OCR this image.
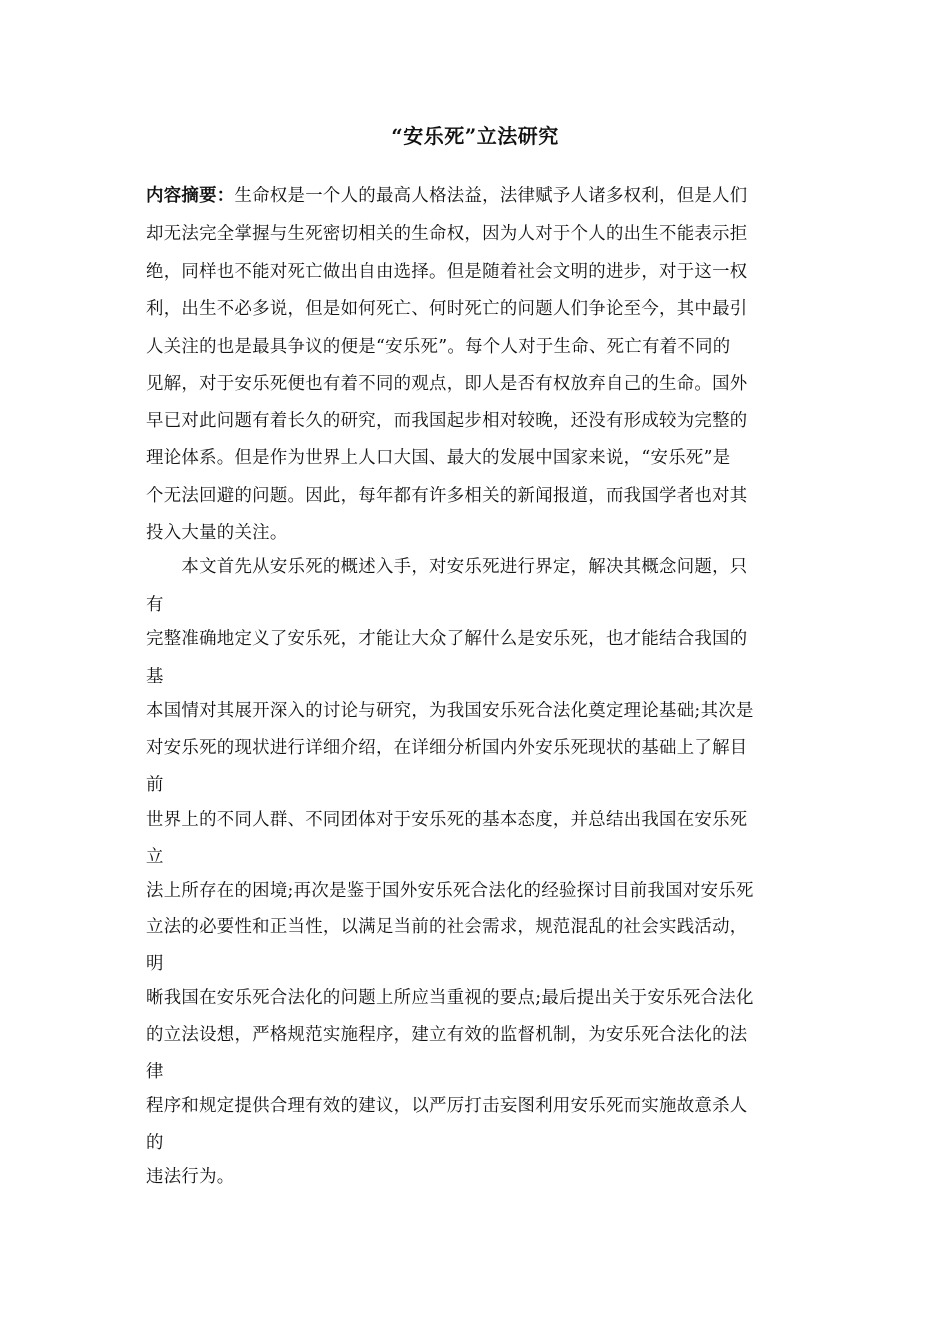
“安乐死”立法研究
内容摘要：生命权是一个人的最高人格法益，法律赋予人诸多权利，但是人们
却无法完全掌握与生死密切相关的生命权，因为人对于个人的出生不能表示拒
绝，同样也不能对死亡做出自由选择。但是随着社会文明的进步，对于这一权
利，出生不必多说，但是如何死亡、何时死亡的问题人们争论至今，其中最引
人关注的也是最具争议的便是“安乐死”。每个人对于生命、死亡有着不同的
见解，对于安乐死便也有着不同的观点，即人是否有权放弃自己的生命。国外
早已对此问题有着长久的研究，而我国起步相对较晚，还没有形成较为完整的
理论体系。但是作为世界上人口大国、最大的发展中国家来说，“安乐死”是
个无法回避的问题。因此，每年都有许多相关的新闻报道，而我国学者也对其
投入大量的关注。
　　本文首先从安乐死的概述入手，对安乐死进行界定，解决其概念问题，只
有
完整准确地定义了安乐死，才能让大众了解什么是安乐死，也才能结合我国的
基
本国情对其展开深入的讨论与研究，为我国安乐死合法化奠定理论基础;其次是
对安乐死的现状进行详细介绍，在详细分析国内外安乐死现状的基础上了解目
前
世界上的不同人群、不同团体对于安乐死的基本态度，并总结出我国在安乐死
立
法上所存在的困境;再次是鉴于国外安乐死合法化的经验探讨目前我国对安乐死
立法的必要性和正当性，以满足当前的社会需求，规范混乱的社会实践活动，
明
晰我国在安乐死合法化的问题上所应当重视的要点;最后提出关于安乐死合法化
的立法设想，严格规范实施程序，建立有效的监督机制，为安乐死合法化的法
律
程序和规定提供合理有效的建议，以严厉打击妄图利用安乐死而实施故意杀人
的
违法行为。
